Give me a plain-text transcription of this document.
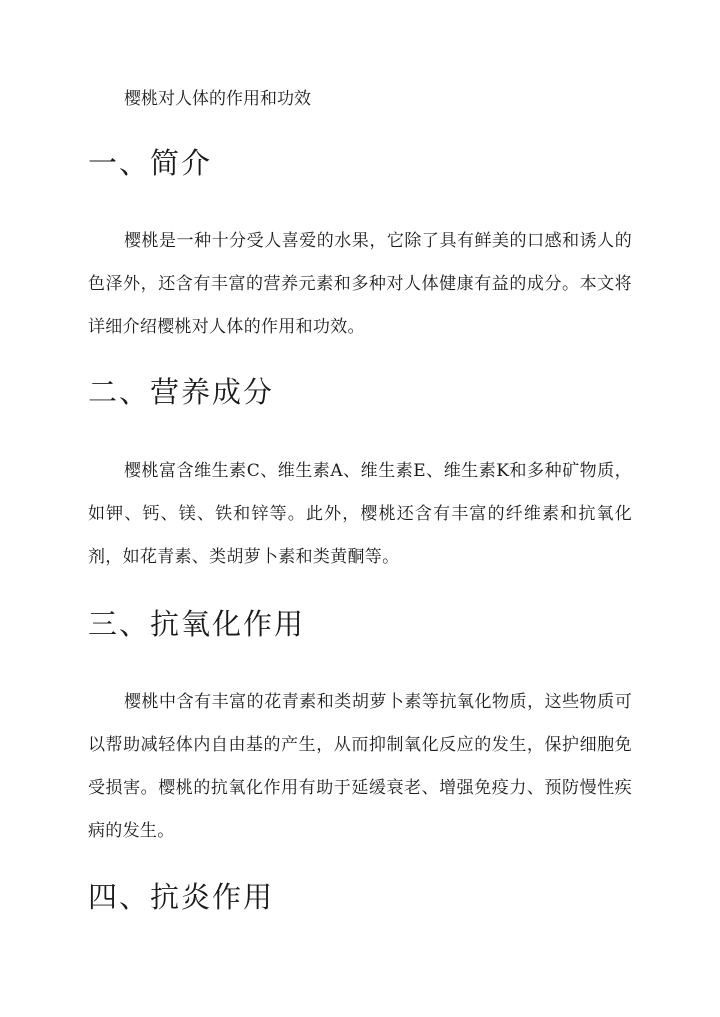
樱桃对人体的作用和功效
一、简介

樱桃是一种十分受人喜爱的水果，它除了具有鲜美的口感和诱人的色泽外，还含有丰富的营养元素和多种对人体健康有益的成分。本文将详细介绍樱桃对人体的作用和功效。

二、营养成分

樱桃富含维生素C、维生素A、维生素E、维生素K和多种矿物质，如钾、钙、镁、铁和锌等。此外，樱桃还含有丰富的纤维素和抗氧化剂，如花青素、类胡萝卜素和类黄酮等。

三、抗氧化作用

樱桃中含有丰富的花青素和类胡萝卜素等抗氧化物质，这些物质可以帮助减轻体内自由基的产生，从而抑制氧化反应的发生，保护细胞免受损害。樱桃的抗氧化作用有助于延缓衰老、增强免疫力、预防慢性疾病的发生。

四、抗炎作用
